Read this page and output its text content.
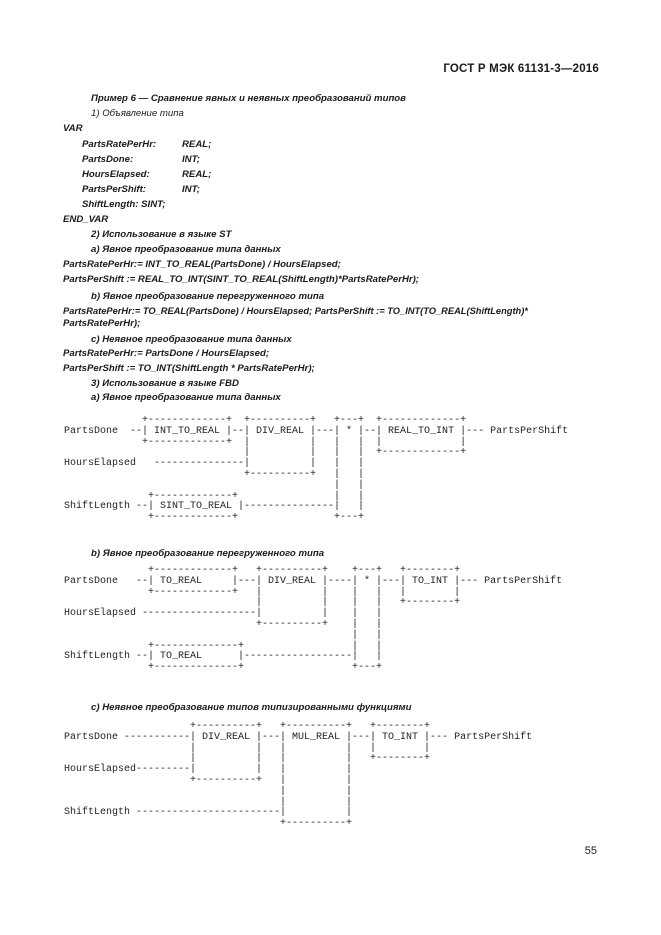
ГОСТ Р МЭК 61131-3—2016
Пример 6 — Сравнение явных и неявных преобразований типов
1) Объявление типа
VAR
PartsRatePerHr:	REAL;
PartsDone:	INT;
HoursElapsed:	REAL;
PartsPerShift:	INT;
ShiftLength: SINT;
END_VAR
2) Использование в языке ST
a) Явное преобразование типа данных
PartsRatePerHr:= INT_TO_REAL(PartsDone) / HoursElapsed;
PartsPerShift := REAL_TO_INT(SINT_TO_REAL(ShiftLength)*PartsRatePerHr);
b) Явное преобразование перегруженного типа
PartsRatePerHr:= TO_REAL(PartsDone) / HoursElapsed; PartsPerShift := TO_INT(TO_REAL(ShiftLength)*
PartsRatePerHr);
c) Неявное преобразование типа данных
PartsRatePerHr:= PartsDone / HoursElapsed;
PartsPerShift := TO_INT(ShiftLength * PartsRatePerHr);
3) Использование в языке FBD
a) Явное преобразование типа данных
+-------------+  +----------+   +---+  +-------------+
PartsDone  --| INT_TO_REAL |--| DIV_REAL |---| * |--| REAL_TO_INT |--- PartsPerShift
+-------------+  |          |   |   |  |             |
|          |   |   |  +-------------+
HoursElapsed   ---------------|          |   |   |
+----------+   |   |
|   |
+-------------+                |   |
ShiftLength --| SINT_TO_REAL |---------------|   |
+-------------+                +---+
b) Явное преобразование перегруженного типа
+-------------+   +----------+    +---+   +--------+
PartsDone   --| TO_REAL     |---| DIV_REAL |----| * |---| TO_INT |--- PartsPerShift
+-------------+   |          |    |   |   |        |
|          |    |   |   +--------+
HoursElapsed -------------------|          |    |   |
+----------+    |   |
|   |
+--------------+                  |   |
ShiftLength --| TO_REAL      |------------------|   |
+--------------+                  +---+
c) Неявное преобразование типов типизированными функциями
+----------+   +----------+   +--------+
PartsDone -----------| DIV_REAL |---| MUL_REAL |---| TO_INT |--- PartsPerShift
|          |   |          |   |        |
|          |   |          |   +--------+
HoursElapsed---------|          |   |          |
+----------+   |          |
|          |
|          |
ShiftLength ------------------------|          |
+----------+
55
